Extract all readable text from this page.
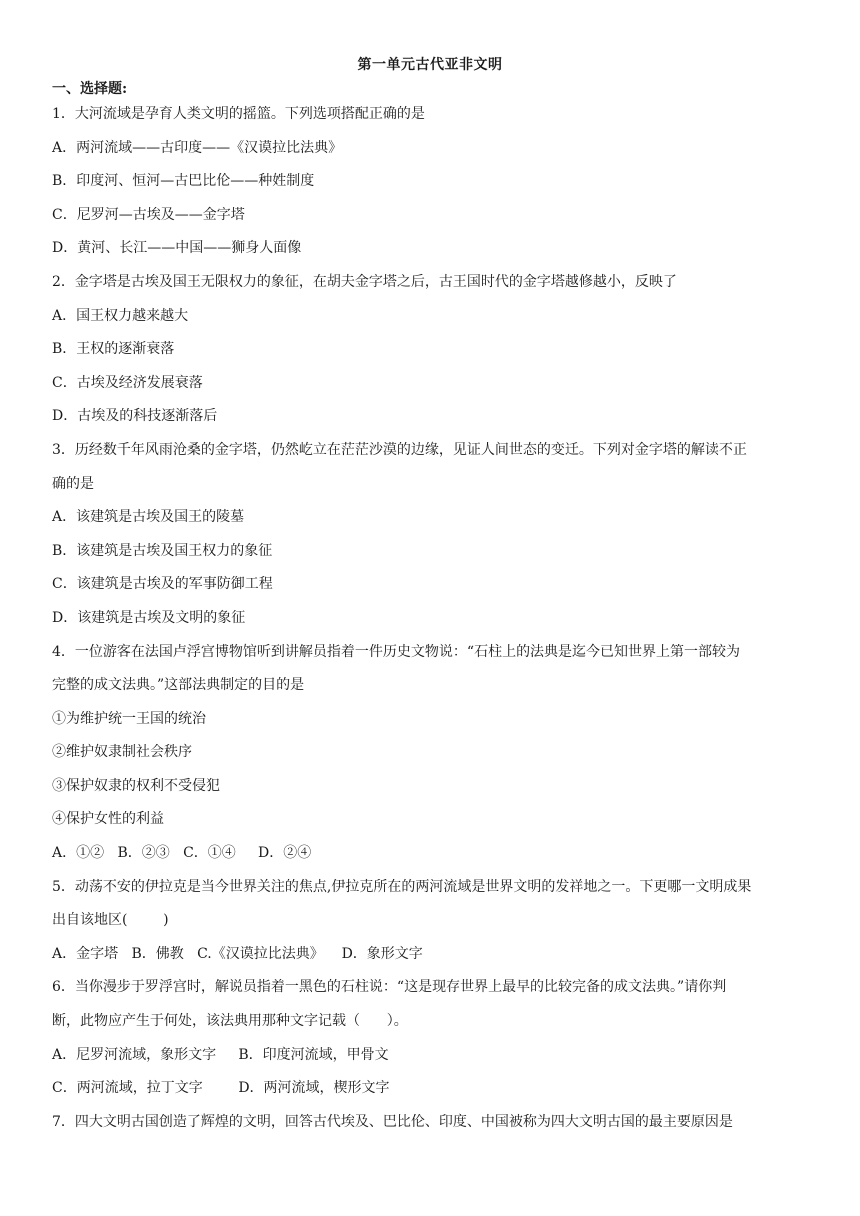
第一单元古代亚非文明
一、选择题:
1．大河流域是孕育人类文明的摇篮。下列选项搭配正确的是
A．两河流域——古印度——《汉谟拉比法典》
B．印度河、恒河—古巴比伦——种姓制度
C．尼罗河—古埃及——金字塔
D．黄河、长江——中国——狮身人面像
2．金字塔是古埃及国王无限权力的象征，在胡夫金字塔之后，古王国时代的金字塔越修越小，反映了
A．国王权力越来越大
B．王权的逐渐衰落
C．古埃及经济发展衰落
D．古埃及的科技逐渐落后
3．历经数千年风雨沧桑的金字塔，仍然屹立在茫茫沙漠的边缘，见证人间世态的变迁。下列对金字塔的解读不正
确的是
A．该建筑是古埃及国王的陵墓
B．该建筑是古埃及国王权力的象征
C．该建筑是古埃及的军事防御工程
D．该建筑是古埃及文明的象征
4．一位游客在法国卢浮宫博物馆听到讲解员指着一件历史文物说：“石柱上的法典是迄今已知世界上第一部较为
完整的成文法典。”这部法典制定的目的是
①为维护统一王国的统治
②维护奴隶制社会秩序
③保护奴隶的权利不受侵犯
④保护女性的利益
A．①②   B．②③   C．①④     D．②④
5．动荡不安的伊拉克是当今世界关注的焦点,伊拉克所在的两河流域是世界文明的发祥地之一。下更哪一文明成果
出自该地区(        )
A．金字塔   B．佛教   C.《汉谟拉比法典》    D．象形文字
6．当你漫步于罗浮宫时，解说员指着一黑色的石柱说：“这是现存世界上最早的比较完备的成文法典。”请你判
断，此物应产生于何处，该法典用那种文字记载（      ）。
A．尼罗河流域，象形文字     B．印度河流域，甲骨文
C．两河流域，拉丁文字        D．两河流域，楔形文字
7．四大文明古国创造了辉煌的文明，回答古代埃及、巴比伦、印度、中国被称为四大文明古国的最主要原因是
